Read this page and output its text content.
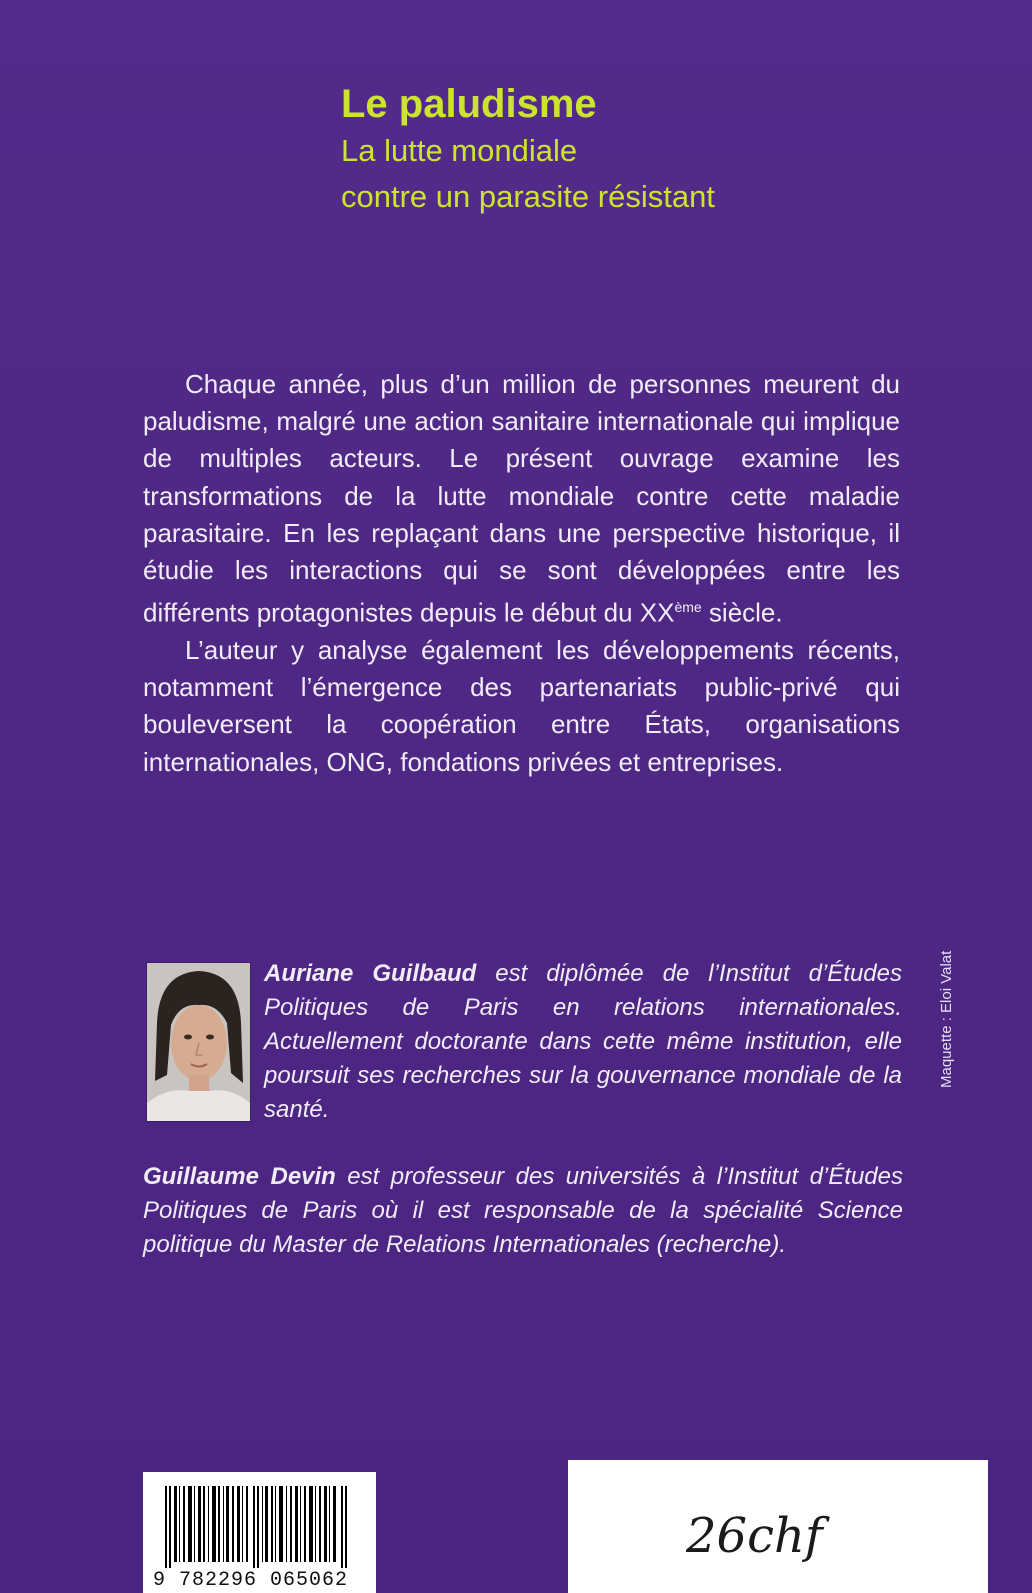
Le paludisme
La lutte mondiale
contre un parasite résistant

Chaque année, plus d’un million de personnes meurent du paludisme, malgré une action sanitaire internationale qui implique de multiples acteurs. Le présent ouvrage examine les transformations de la lutte mondiale contre cette maladie parasitaire. En les replaçant dans une perspective historique, il étudie les interactions qui se sont développées entre les différents protagonistes depuis le début du XXème siècle.

L’auteur y analyse également les développements récents, notamment l’émergence des partenariats public-privé qui bouleversent la coopération entre États, organisations internationales, ONG, fondations privées et entreprises.

Auriane Guilbaud est diplômée de l’Institut d’Études Politiques de Paris en relations internationales. Actuellement doctorante dans cette même institution, elle poursuit ses recherches sur la gouvernance mondiale de la santé.
Guillaume Devin est professeur des universités à l’Institut d’Études Politiques de Paris où il est responsable de la spécialité Science politique du Master de Relations Internationales (recherche).
Maquette : Eloi Valat
9 782296 065062
26chf
